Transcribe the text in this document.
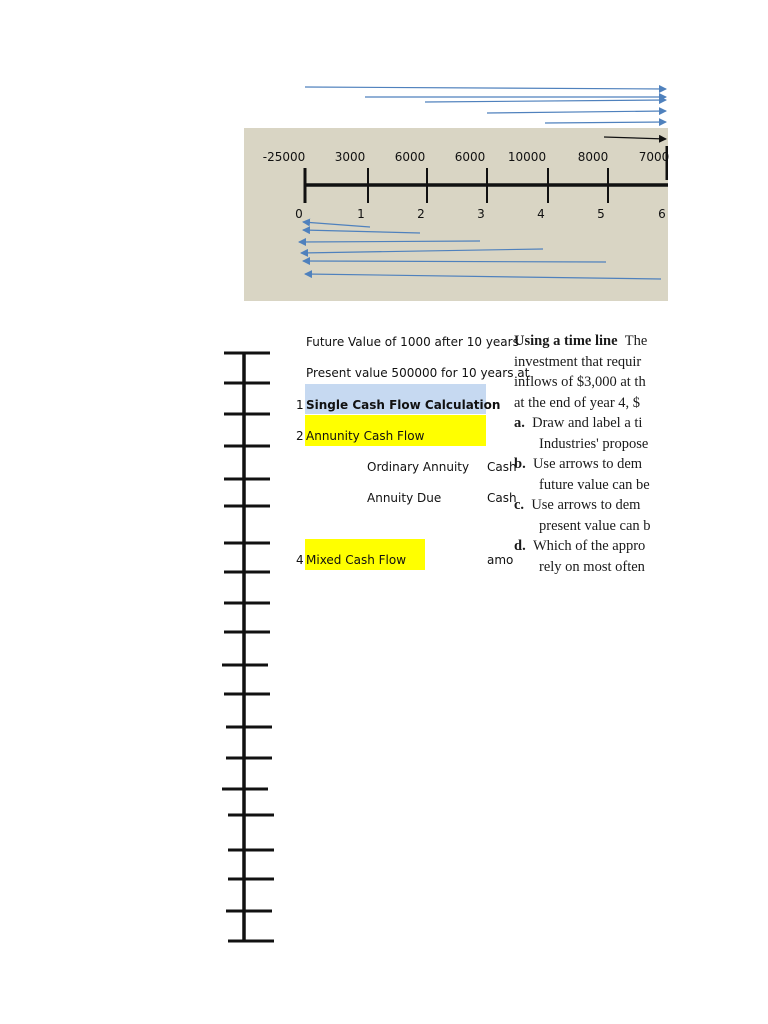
-25000 3000 6000 6000 10000	8000	7000
0	1	2	3	4	5	6
Future Value of 1000 after 10 years
Present value 500000 for 10 years at
1 Single Cash Flow Calculation
2 Annunity Cash Flow
Ordinary Annuity Cash
Annuity Due	Cash
4 Mixed Cash Flow	amo
Using a time line The
investment that requir
inflows of $3,000 at th
at the end of year 4, $
a. Draw and label a ti
Industries' propose
b. Use arrows to dem
future value can be
c. Use arrows to dem
present value can b
d. Which of the appro
rely on most often
